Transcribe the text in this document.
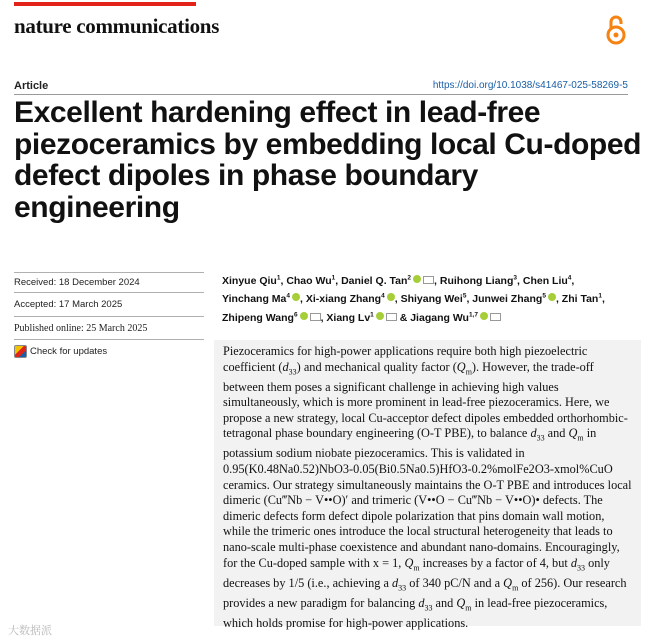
nature communications
Article	https://doi.org/10.1038/s41467-025-58269-5
Excellent hardening effect in lead-free piezoceramics by embedding local Cu-doped defect dipoles in phase boundary engineering
Received: 18 December 2024
Accepted: 17 March 2025
Published online: 25 March 2025
Check for updates
Xinyue Qiu$^1$, Chao Wu$^1$, Daniel Q. Tan$^2$ , Ruihong Liang$^3$, Chen Liu$^4$, Yinchang Ma$^4$ , Xi-xiang Zhang$^4$ , Shiyang Wei$^5$, Junwei Zhang$^5$ , Zhi Tan$^1$, Zhipeng Wang$^6$ , Xiang Lv$^1$ & Jiagang Wu$^{1,7}$
Piezoceramics for high-power applications require both high piezoelectric coefficient $(d_{33})$ and mechanical quality factor $(Q_m)$. However, the trade-off between them poses a significant challenge in achieving high values simultaneously, which is more prominent in lead-free piezoceramics. Here, we propose a new strategy, local Cu-acceptor defect dipoles embedded orthorhombic-tetragonal phase boundary engineering (O-T PBE), to balance $d_{33}$ and $Q_m$ in potassium sodium niobate piezoceramics. This is validated in 0.95(K0.48Na0.52)NbO3-0.05(Bi0.5Na0.5)HfO3-0.2%molFe2O3-xmol%CuO ceramics. Our strategy simultaneously maintains the O-T PBE and introduces local dimeric (Cu‴Nb − V••O)′ and trimeric (V••O − Cu‴Nb − V••O)• defects. The dimeric defects form defect dipole polarization that pins domain wall motion, while the trimeric ones introduce the local structural heterogeneity that leads to nano-scale multi-phase coexistence and abundant nano-domains. Encouragingly, for the Cu-doped sample with x = 1, $Q_m$ increases by a factor of 4, but $d_{33}$ only decreases by 1/5 (i.e., achieving a $d_{33}$ of 340 pC/N and a $Q_m$ of 256). Our research provides a new paradigm for balancing $d_{33}$ and $Q_m$ in lead-free piezoceramics, which holds promise for high-power applications.
大数据派
